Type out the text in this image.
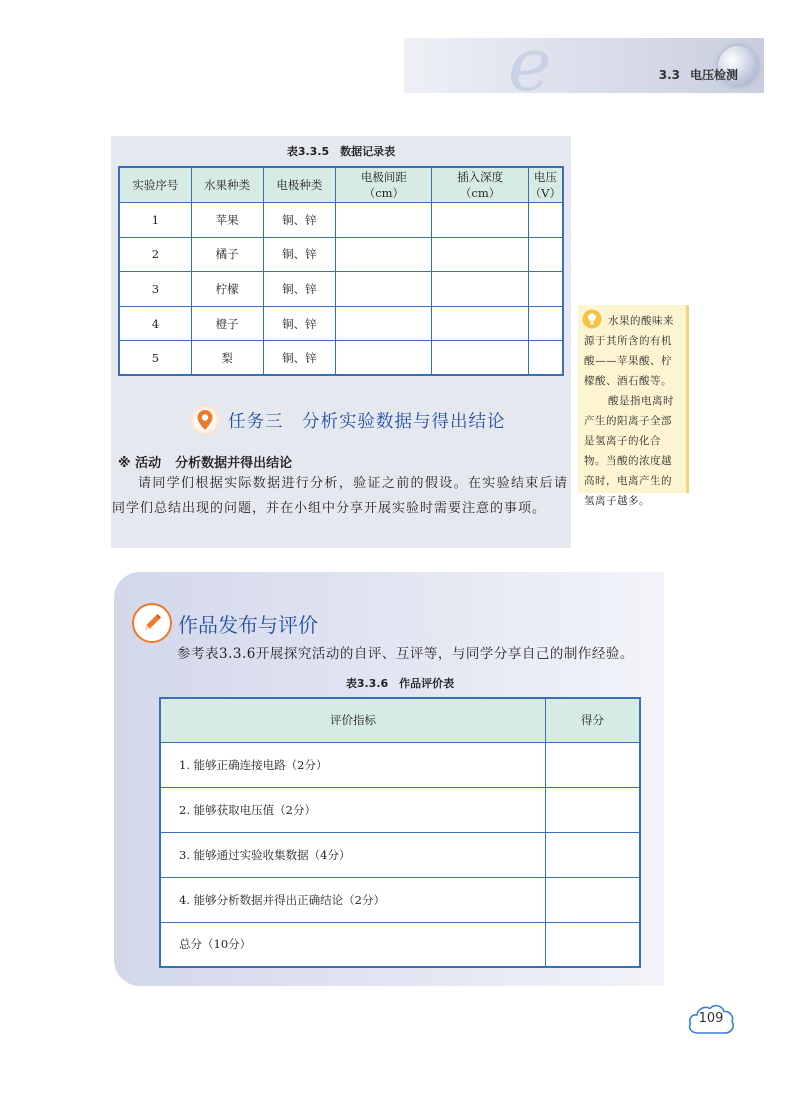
e	3.3 电压检测
表3.3.5　数据记录表
实验序号	水果种类	电极种类	电极间距（cm）	插入深度（cm）	电压（V）
1	苹果	铜、锌			
2	橘子	铜、锌			
3	柠檬	铜、锌			
4	橙子	铜、锌			
5	梨	铜、锌			
任务三　分析实验数据与得出结论
※ 活动 分析数据并得出结论
请同学们根据实际数据进行分析，验证之前的假设。在实验结束后请同学们总结出现的问题，并在小组中分享开展实验时需要注意的事项。

水果的酸味来源于其所含的有机酸——苹果酸、柠檬酸、酒石酸等。

酸是指电离时产生的阳离子全部是氢离子的化合物。当酸的浓度越高时，电离产生的氢离子越多。

作品发布与评价
参考表3.3.6开展探究活动的自评、互评等，与同学分享自己的制作经验。
表3.3.6　作品评价表
评价指标	得分
1. 能够正确连接电路（2分）	
2. 能够获取电压值（2分）	
3. 能够通过实验收集数据（4分）	
4. 能够分析数据并得出正确结论（2分）	
总分（10分）	
109
